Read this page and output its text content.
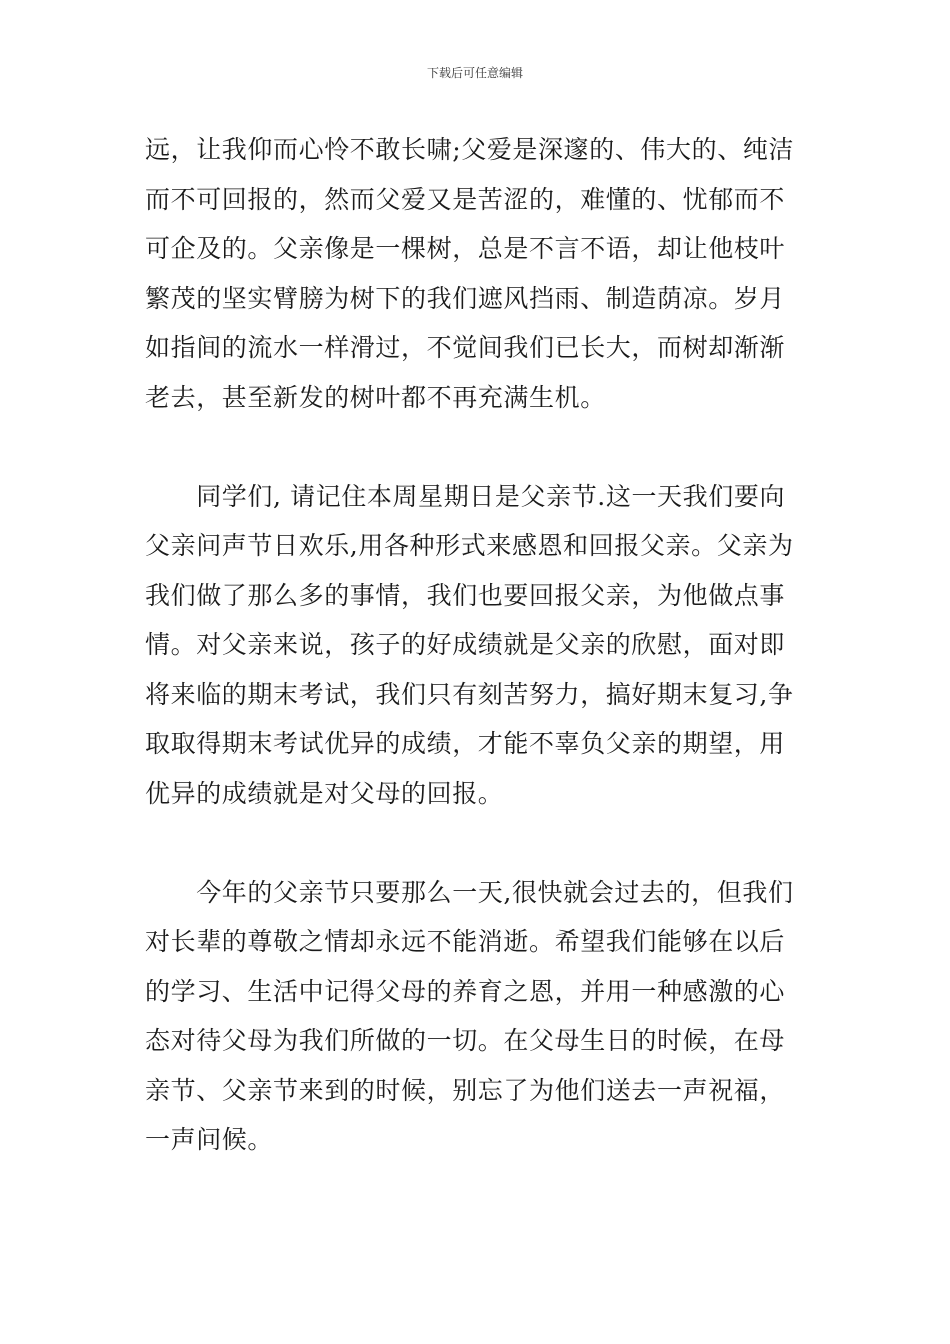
下载后可任意编辑

远，让我仰而心怜不敢长啸;父爱是深邃的、伟大的、纯洁

而不可回报的，然而父爱又是苦涩的，难懂的、忧郁而不

可企及的。父亲像是一棵树，总是不言不语，却让他枝叶

繁茂的坚实臂膀为树下的我们遮风挡雨、制造荫凉。岁月

如指间的流水一样滑过，不觉间我们已长大，而树却渐渐

老去，甚至新发的树叶都不再充满生机。

　　同学们, 请记住本周星期日是父亲节.这一天我们要向

父亲问声节日欢乐,用各种形式来感恩和回报父亲。父亲为

我们做了那么多的事情，我们也要回报父亲，为他做点事

情。对父亲来说，孩子的好成绩就是父亲的欣慰，面对即

将来临的期末考试，我们只有刻苦努力，搞好期末复习,争

取取得期末考试优异的成绩，才能不辜负父亲的期望，用

优异的成绩就是对父母的回报。

　　今年的父亲节只要那么一天,很快就会过去的，但我们

对长辈的尊敬之情却永远不能消逝。希望我们能够在以后

的学习、生活中记得父母的养育之恩，并用一种感激的心

态对待父母为我们所做的一切。在父母生日的时候，在母

亲节、父亲节来到的时候，别忘了为他们送去一声祝福，

一声问候。
